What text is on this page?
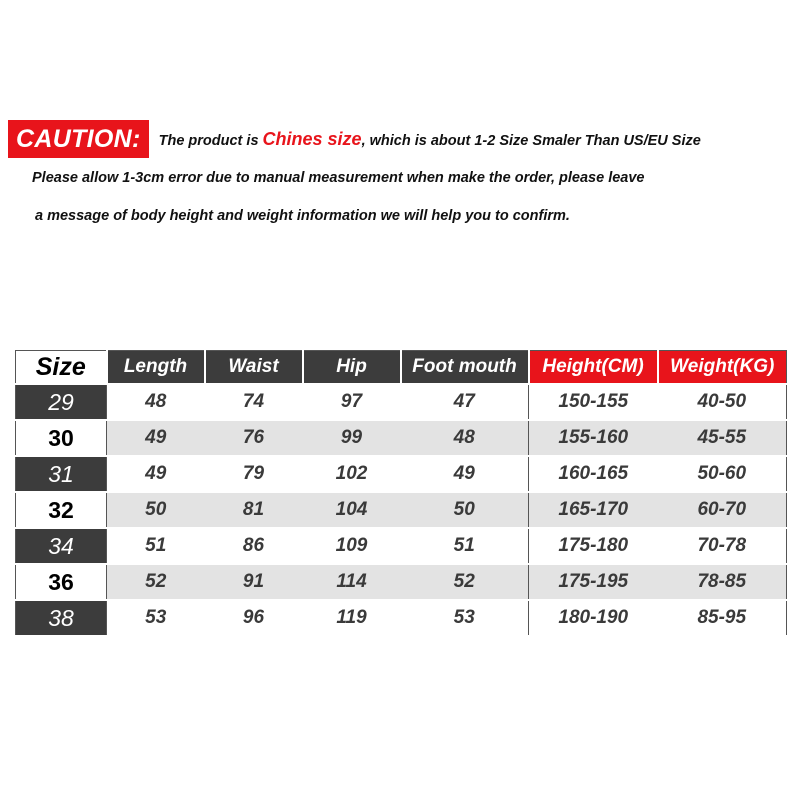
CAUTION:	The product is Chines size, which is about 1-2 Size Smaler Than US/EU Size
Please allow 1-3cm error due to manual measurement when make the order, please leave
a message of body height and weight information we will help you to confirm.
Size	Length	Waist	Hip	Foot mouth	Height(CM)	Weight(KG)
29	48	74	97	47	150-155	40-50
30	49	76	99	48	155-160	45-55
31	49	79	102	49	160-165	50-60
32	50	81	104	50	165-170	60-70
34	51	86	109	51	175-180	70-78
36	52	91	114	52	175-195	78-85
38	53	96	119	53	180-190	85-95
